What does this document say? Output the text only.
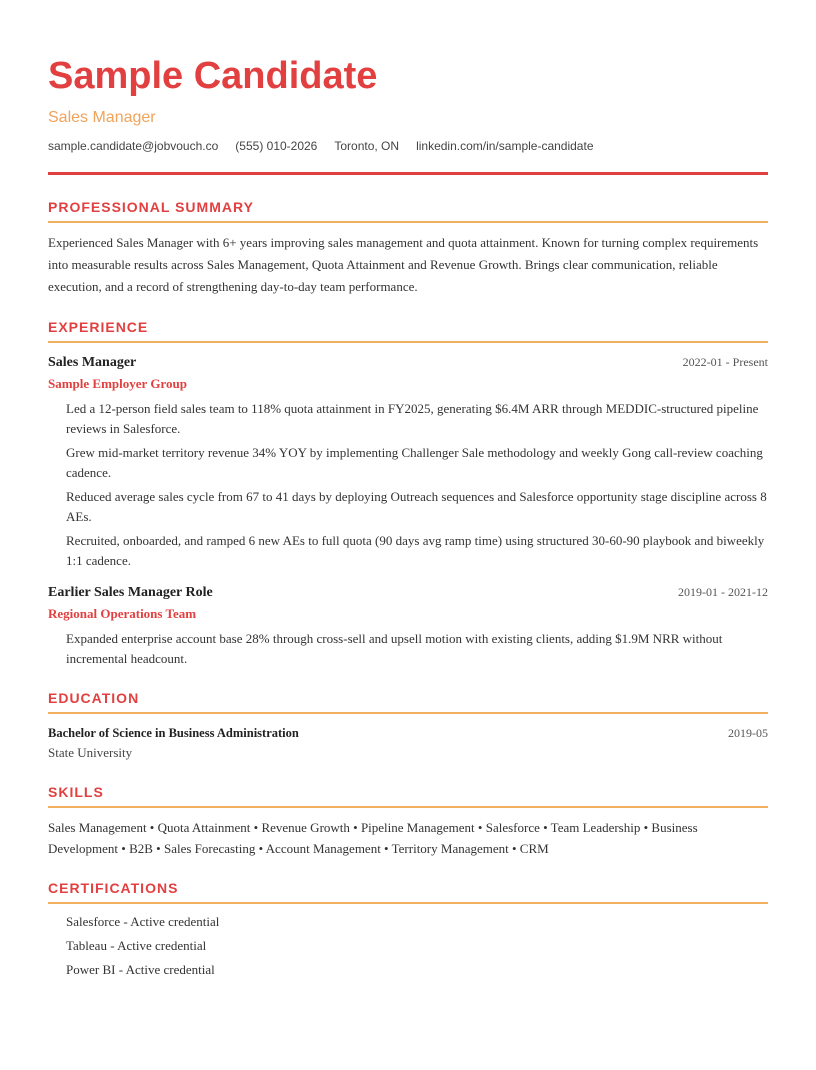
Sample Candidate
Sales Manager
sample.candidate@jobvouch.co (555) 010-2026 Toronto, ON linkedin.com/in/sample-candidate
PROFESSIONAL SUMMARY
Experienced Sales Manager with 6+ years improving sales management and quota attainment. Known for turning complex requirements into measurable results across Sales Management, Quota Attainment and Revenue Growth. Brings clear communication, reliable execution, and a record of strengthening day-to-day team performance.
EXPERIENCE
Sales Manager	2022-01 - Present
Sample Employer Group
Led a 12-person field sales team to 118% quota attainment in FY2025, generating $6.4M ARR through MEDDIC-structured pipeline reviews in Salesforce.
Grew mid-market territory revenue 34% YOY by implementing Challenger Sale methodology and weekly Gong call-review coaching cadence.
Reduced average sales cycle from 67 to 41 days by deploying Outreach sequences and Salesforce opportunity stage discipline across 8 AEs.
Recruited, onboarded, and ramped 6 new AEs to full quota (90 days avg ramp time) using structured 30-60-90 playbook and biweekly 1:1 cadence.
Earlier Sales Manager Role	2019-01 - 2021-12
Regional Operations Team
Expanded enterprise account base 28% through cross-sell and upsell motion with existing clients, adding $1.9M NRR without incremental headcount.
EDUCATION
Bachelor of Science in Business Administration	2019-05
State University
SKILLS
Sales Management • Quota Attainment • Revenue Growth • Pipeline Management • Salesforce • Team Leadership • Business Development • B2B • Sales Forecasting • Account Management • Territory Management • CRM
CERTIFICATIONS
Salesforce - Active credential
Tableau - Active credential
Power BI - Active credential
